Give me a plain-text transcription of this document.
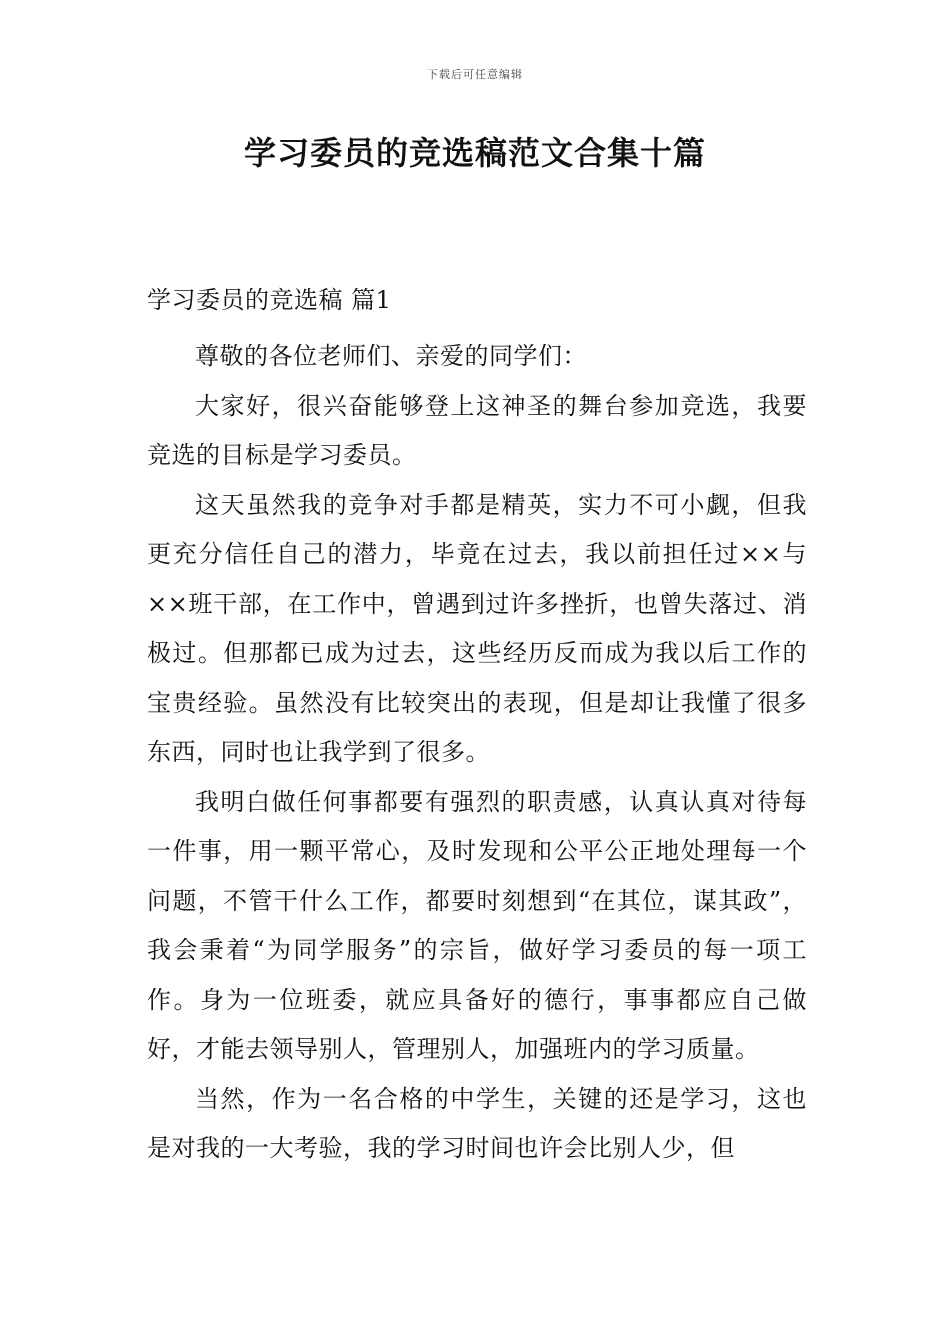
下载后可任意编辑
学习委员的竞选稿范文合集十篇
学习委员的竞选稿 篇1

尊敬的各位老师们、亲爱的同学们：

大家好，很兴奋能够登上这神圣的舞台参加竞选，我要竞选的目标是学习委员。

这天虽然我的竞争对手都是精英，实力不可小觑，但我更充分信任自己的潜力，毕竟在过去，我以前担任过××与××班干部，在工作中，曾遇到过许多挫折，也曾失落过、消极过。但那都已成为过去，这些经历反而成为我以后工作的宝贵经验。虽然没有比较突出的表现，但是却让我懂了很多东西，同时也让我学到了很多。

我明白做任何事都要有强烈的职责感，认真认真对待每一件事，用一颗平常心，及时发现和公平公正地处理每一个问题，不管干什么工作，都要时刻想到“在其位，谋其政”，我会秉着“为同学服务”的宗旨，做好学习委员的每一项工作。身为一位班委，就应具备好的德行，事事都应自己做好，才能去领导别人，管理别人，加强班内的学习质量。

当然，作为一名合格的中学生，关键的还是学习，这也是对我的一大考验，我的学习时间也许会比别人少，但
